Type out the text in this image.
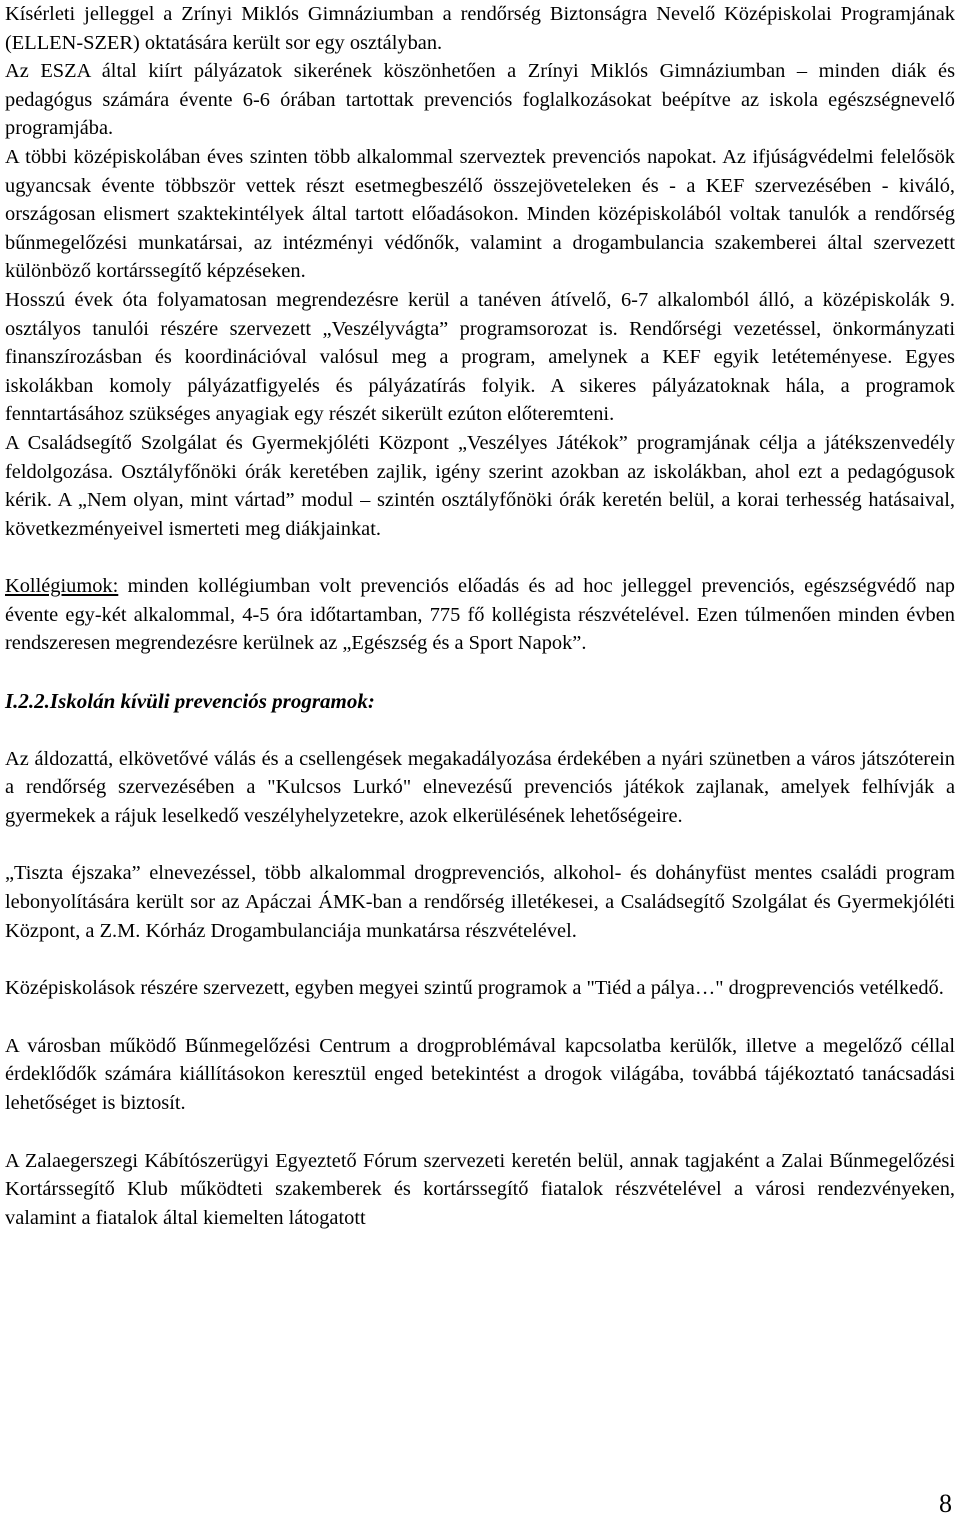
Kísérleti jelleggel a Zrínyi Miklós Gimnáziumban a rendőrség Biztonságra Nevelő Középiskolai Programjának (ELLEN-SZER) oktatására került sor egy osztályban.

Az ESZA által kiírt pályázatok sikerének köszönhetően a Zrínyi Miklós Gimnáziumban – minden diák és pedagógus számára évente 6-6 órában tartottak prevenciós foglalkozásokat beépítve az iskola egészségnevelő programjába.

A többi középiskolában éves szinten több alkalommal szerveztek prevenciós napokat. Az ifjúságvédelmi felelősök ugyancsak évente többször vettek részt esetmegbeszélő összejöveteleken és - a KEF szervezésében - kiváló, országosan elismert szaktekintélyek által tartott előadásokon. Minden középiskolából voltak tanulók a rendőrség bűnmegelőzési munkatársai, az intézményi védőnők, valamint a drogambulancia szakemberei által szervezett különböző kortárssegítő képzéseken.

Hosszú évek óta folyamatosan megrendezésre kerül a tanéven átívelő, 6-7 alkalomból álló, a középiskolák 9. osztályos tanulói részére szervezett „Veszélyvágta” programsorozat is. Rendőrségi vezetéssel, önkormányzati finanszírozásban és koordinációval valósul meg a program, amelynek a KEF egyik letéteményese. Egyes iskolákban komoly pályázatfigyelés és pályázatírás folyik. A sikeres pályázatoknak hála, a programok fenntartásához szükséges anyagiak egy részét sikerült ezúton előteremteni.

A Családsegítő Szolgálat és Gyermekjóléti Központ „Veszélyes Játékok” programjának célja a játékszenvedély feldolgozása. Osztályfőnöki órák keretében zajlik, igény szerint azokban az iskolákban, ahol ezt a pedagógusok kérik. A „Nem olyan, mint vártad” modul – szintén osztályfőnöki órák keretén belül, a korai terhesség hatásaival, következményeivel ismerteti meg diákjainkat.

Kollégiumok: minden kollégiumban volt prevenciós előadás és ad hoc jelleggel prevenciós, egészségvédő nap évente egy-két alkalommal, 4-5 óra időtartamban, 775 fő kollégista részvételével. Ezen túlmenően minden évben rendszeresen megrendezésre kerülnek az „Egészség és a Sport Napok”.

I.2.2.Iskolán kívüli prevenciós programok:

Az áldozattá, elkövetővé válás és a csellengések megakadályozása érdekében a nyári szünetben a város játszóterein a rendőrség szervezésében a "Kulcsos Lurkó" elnevezésű prevenciós játékok zajlanak, amelyek felhívják a gyermekek a rájuk leselkedő veszélyhelyzetekre, azok elkerülésének lehetőségeire.

„Tiszta éjszaka” elnevezéssel, több alkalommal drogprevenciós, alkohol- és dohányfüst mentes családi program lebonyolítására került sor az Apáczai ÁMK-ban a rendőrség illetékesei, a Családsegítő Szolgálat és Gyermekjóléti Központ, a Z.M. Kórház Drogambulanciája munkatársa részvételével.

Középiskolások részére szervezett, egyben megyei szintű programok a "Tiéd a pálya…" drogprevenciós vetélkedő.

A városban működő Bűnmegelőzési Centrum a drogproblémával kapcsolatba kerülők, illetve a megelőző céllal érdeklődők számára kiállításokon keresztül enged betekintést a drogok világába, továbbá tájékoztató tanácsadási lehetőséget is biztosít.

A Zalaegerszegi Kábítószerügyi Egyeztető Fórum szervezeti keretén belül, annak tagjaként a Zalai Bűnmegelőzési Kortárssegítő Klub működteti szakemberek és kortárssegítő fiatalok részvételével a városi rendezvényeken, valamint a fiatalok által kiemelten látogatott

8
